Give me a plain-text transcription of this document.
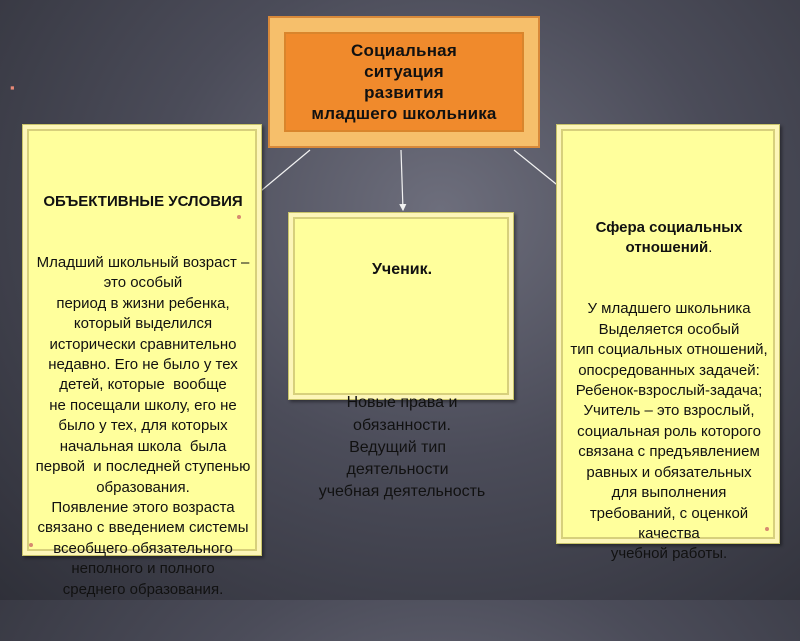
▪
Социальная
ситуация
развития
младшего школьника

ОБЪЕКТИВНЫЕ УСЛОВИЯ

Младший школьный возраст –
это особый
период в жизни ребенка,
который выделился
исторически сравнительно
недавно. Его не было у тех
детей, которые  вообще
не посещали школу, его не
было у тех, для которых
начальная школа  была
первой  и последней ступенью
образования.
Появление этого возраста
связано с введением системы
всеобщего обязательного
неполного и полного
среднего образования.

Ученик.

Новые права и
обязанности.
Ведущий тип
деятельности
учебная деятельность

Сфера социальных
отношений.

У младшего школьника
Выделяется особый
тип социальных отношений,
опосредованных задачей:
Ребенок-взрослый-задача;
Учитель – это взрослый,
социальная роль которого
связана с предъявлением
равных и обязательных
для выполнения
требований, с оценкой
качества
учебной работы.
